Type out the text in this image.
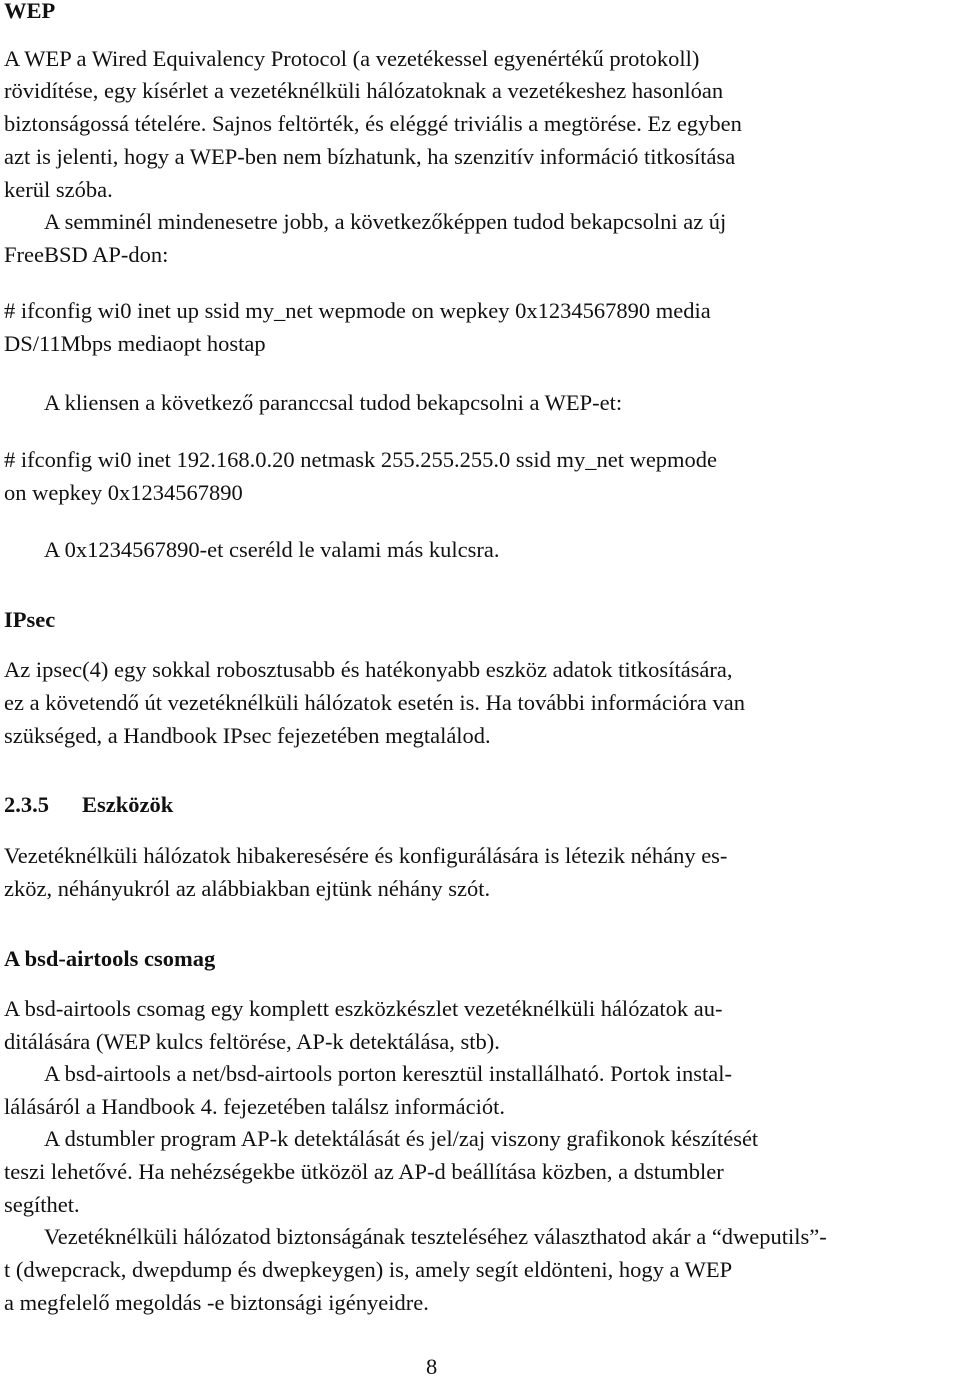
WEP
A WEP a Wired Equivalency Protocol (a vezetékessel egyenértékű protokoll)
rövidítése, egy kísérlet a vezetéknélküli hálózatoknak a vezetékeshez hasonlóan
biztonságossá tételére. Sajnos feltörték, és eléggé triviális a megtörése. Ez egyben
azt is jelenti, hogy a WEP-ben nem bízhatunk, ha szenzitív információ titkosítása
kerül szóba.
A semminél mindenesetre jobb, a következőképpen tudod bekapcsolni az új
FreeBSD AP-don:
# ifconfig wi0 inet up ssid my_net wepmode on wepkey 0x1234567890 media
DS/11Mbps mediaopt hostap
A kliensen a következő paranccsal tudod bekapcsolni a WEP-et:
# ifconfig wi0 inet 192.168.0.20 netmask 255.255.255.0 ssid my_net wepmode
on wepkey 0x1234567890
A 0x1234567890-et cseréld le valami más kulcsra.
IPsec
Az ipsec(4) egy sokkal robosztusabb és hatékonyabb eszköz adatok titkosítására,
ez a követendő út vezetéknélküli hálózatok esetén is. Ha további információra van
szükséged, a Handbook IPsec fejezetében megtalálod.
2.3.5 Eszközök
Vezetéknélküli hálózatok hibakeresésére és konfigurálására is létezik néhány es-
zköz, néhányukról az alábbiakban ejtünk néhány szót.
A bsd-airtools csomag
A bsd-airtools csomag egy komplett eszközkészlet vezetéknélküli hálózatok au-
ditálására (WEP kulcs feltörése, AP-k detektálása, stb).
A bsd-airtools a net/bsd-airtools porton keresztül installálható. Portok instal-
lálásáról a Handbook 4. fejezetében találsz információt.
A dstumbler program AP-k detektálását és jel/zaj viszony grafikonok készítését
teszi lehetővé. Ha nehézségekbe ütközöl az AP-d beállítása közben, a dstumbler
segíthet.
Vezetéknélküli hálózatod biztonságának teszteléséhez választhatod akár a “dweputils”-
t (dwepcrack, dwepdump és dwepkeygen) is, amely segít eldönteni, hogy a WEP
a megfelelő megoldás -e biztonsági igényeidre.
8
